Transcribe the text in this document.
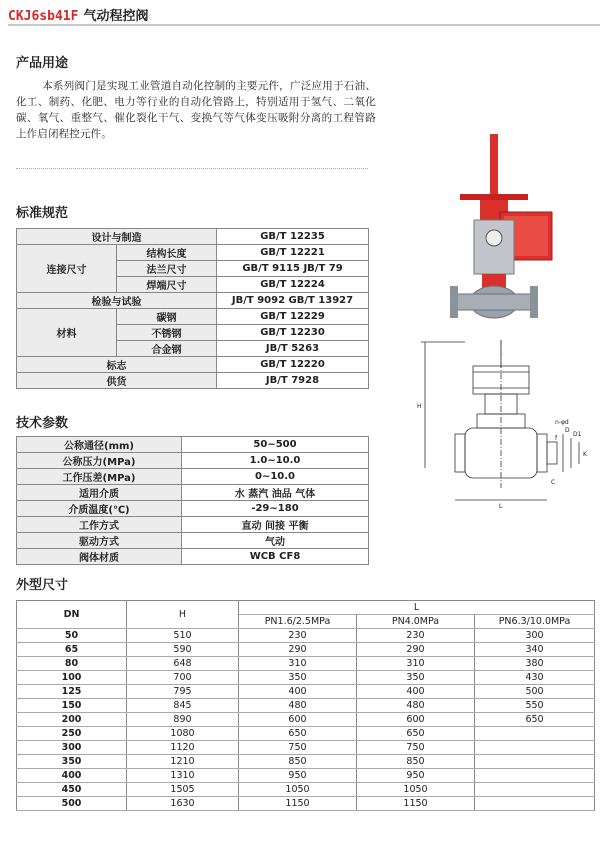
CKJ6sb41F 气动程控阀
产品用途

本系列阀门是实现工业管道自动化控制的主要元件，广泛应用于石油、化工、制药、化肥、电力等行业的自动化管路上，特别适用于氢气、二氧化碳、氧气、重整气、催化裂化干气、变换气等气体变压吸附分离的工程管路上作启闭程控元件。

标准规范
设计与制造		GB/T 12235
连接尺寸	结构长度	GB/T 12221
	法兰尺寸	GB/T 9115 JB/T 79
	焊端尺寸	GB/T 12224
检验与试验		JB/T 9092 GB/T 13927
材料	碳钢	GB/T 12229
	不锈钢	GB/T 12230
	合金钢	JB/T 5263
标志		GB/T 12220
供货		JB/T 7928
技术参数
公称通径(mm)	50~500
公称压力(MPa)	1.0~10.0
工作压差(MPa)	0~10.0
适用介质	水 蒸汽 油品 气体
介质温度(℃)	-29~180
工作方式	直动 间接 平衡
驱动方式	气动
阀体材质	WCB CF8
外型尺寸
DN	H	L		
		PN1.6/2.5MPa	PN4.0MPa	PN6.3/10.0MPa
50	510	230	230	300
65	590	290	290	340
80	648	310	310	380
100	700	350	350	430
125	795	400	400	500
150	845	480	480	550
200	890	600	600	650
250	1080	650	650	
300	1120	750	750	
350	1210	850	850	
400	1310	950	950	
450	1505	1050	1050	
500	1630	1150	1150	
H
L
K
D
D1
C
f
n-φd
